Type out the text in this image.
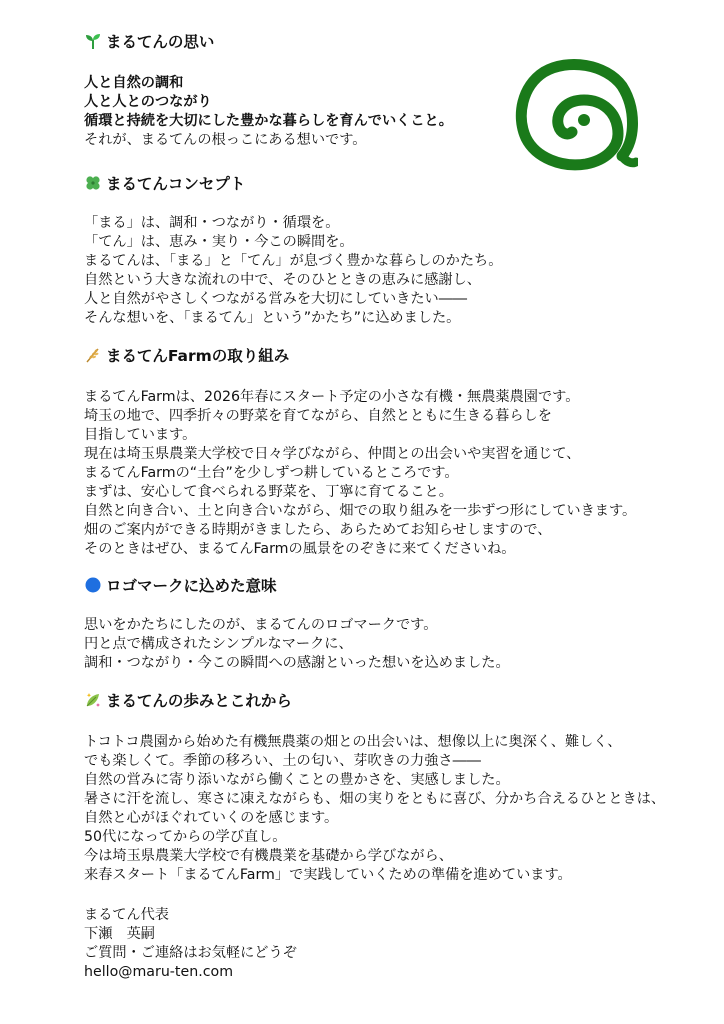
まるてんの思い
人と自然の調和
人と人とのつながり
循環と持続を大切にした豊かな暮らしを育んでいくこと。
それが、まるてんの根っこにある想いです。
まるてんコンセプト
「まる」は、調和・つながり・循環を。
「てん」は、恵み・実り・今この瞬間を。
まるてんは、「まる」と「てん」が息づく豊かな暮らしのかたち。
自然という大きな流れの中で、そのひとときの恵みに感謝し、
人と自然がやさしくつながる営みを大切にしていきたい――
そんな想いを、「まるてん」という”かたち”に込めました。
まるてんFarmの取り組み
まるてんFarmは、2026年春にスタート予定の小さな有機・無農薬農園です。
埼玉の地で、四季折々の野菜を育てながら、自然とともに生きる暮らしを
目指しています。
現在は埼玉県農業大学校で日々学びながら、仲間との出会いや実習を通じて、
まるてんFarmの“土台”を少しずつ耕しているところです。
まずは、安心して食べられる野菜を、丁寧に育てること。
自然と向き合い、土と向き合いながら、畑での取り組みを一歩ずつ形にしていきます。
畑のご案内ができる時期がきましたら、あらためてお知らせしますので、
そのときはぜひ、まるてんFarmの風景をのぞきに来てくださいね。
ロゴマークに込めた意味
思いをかたちにしたのが、まるてんのロゴマークです。
円と点で構成されたシンプルなマークに、
調和・つながり・今この瞬間への感謝といった想いを込めました。
まるてんの歩みとこれから
トコトコ農園から始めた有機無農薬の畑との出会いは、想像以上に奥深く、難しく、
でも楽しくて。季節の移ろい、土の匂い、芽吹きの力強さ――
自然の営みに寄り添いながら働くことの豊かさを、実感しました。
暑さに汗を流し、寒さに凍えながらも、畑の実りをともに喜び、分かち合えるひとときは、
自然と心がほぐれていくのを感じます。
50代になってからの学び直し。
今は埼玉県農業大学校で有機農業を基礎から学びながら、
来春スタート「まるてんFarm」で実践していくための準備を進めています。
まるてん代表
下瀬　英嗣
ご質問・ご連絡はお気軽にどうぞ
hello@maru-ten.com
